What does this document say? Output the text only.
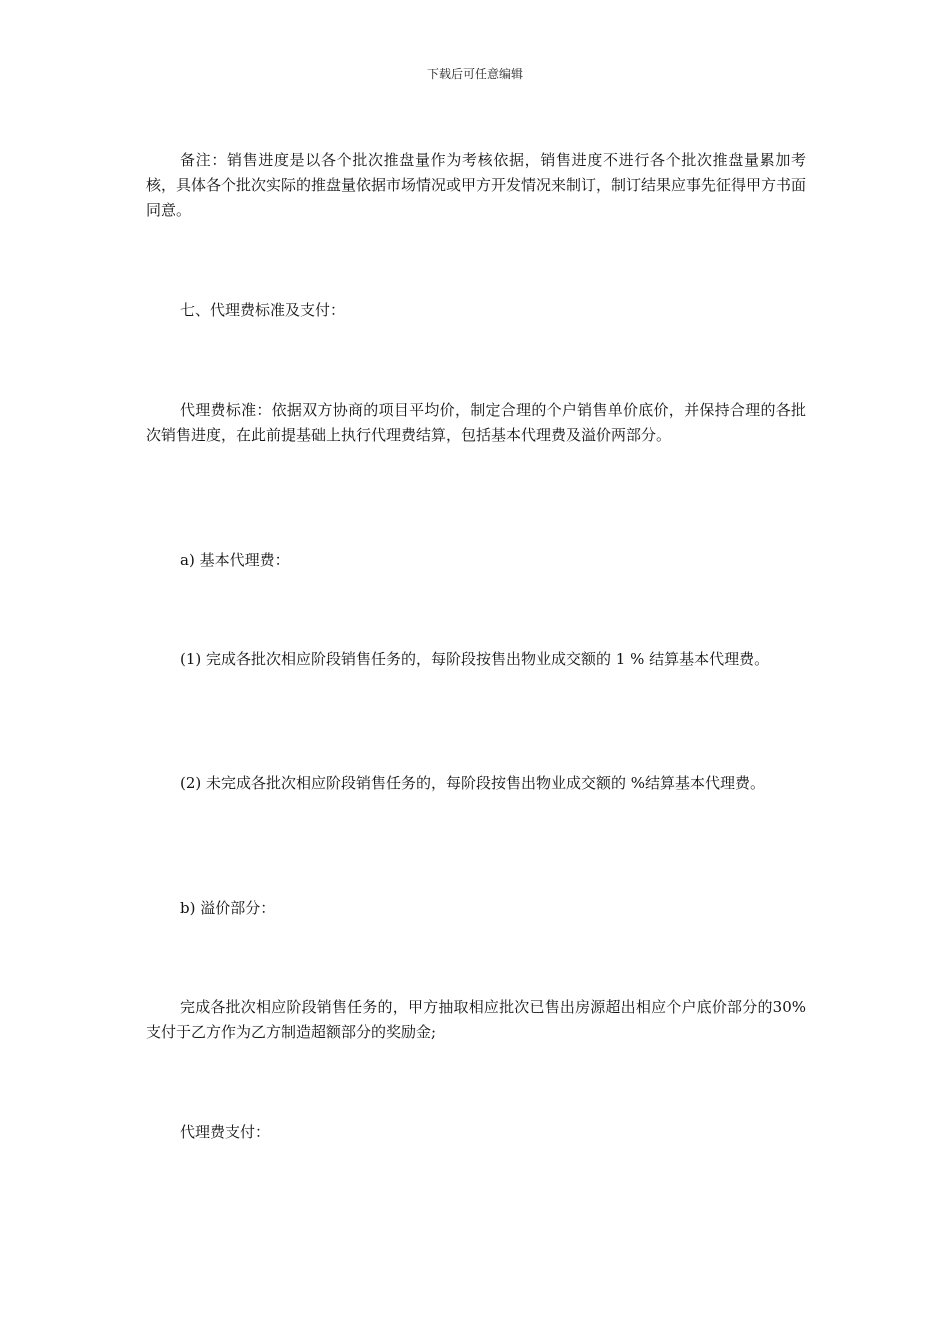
下载后可任意编辑

备注：销售进度是以各个批次推盘量作为考核依据，销售进度不进行各个批次推盘量累加考核，具体各个批次实际的推盘量依据市场情况或甲方开发情况来制订，制订结果应事先征得甲方书面同意。

七、代理费标准及支付：

代理费标准：依据双方协商的项目平均价，制定合理的个户销售单价底价，并保持合理的各批次销售进度，在此前提基础上执行代理费结算，包括基本代理费及溢价两部分。

a) 基本代理费：

(1) 完成各批次相应阶段销售任务的，每阶段按售出物业成交额的 1 % 结算基本代理费。

(2) 未完成各批次相应阶段销售任务的，每阶段按售出物业成交额的 %结算基本代理费。

b) 溢价部分：

完成各批次相应阶段销售任务的，甲方抽取相应批次已售出房源超出相应个户底价部分的30%支付于乙方作为乙方制造超额部分的奖励金;

代理费支付：
